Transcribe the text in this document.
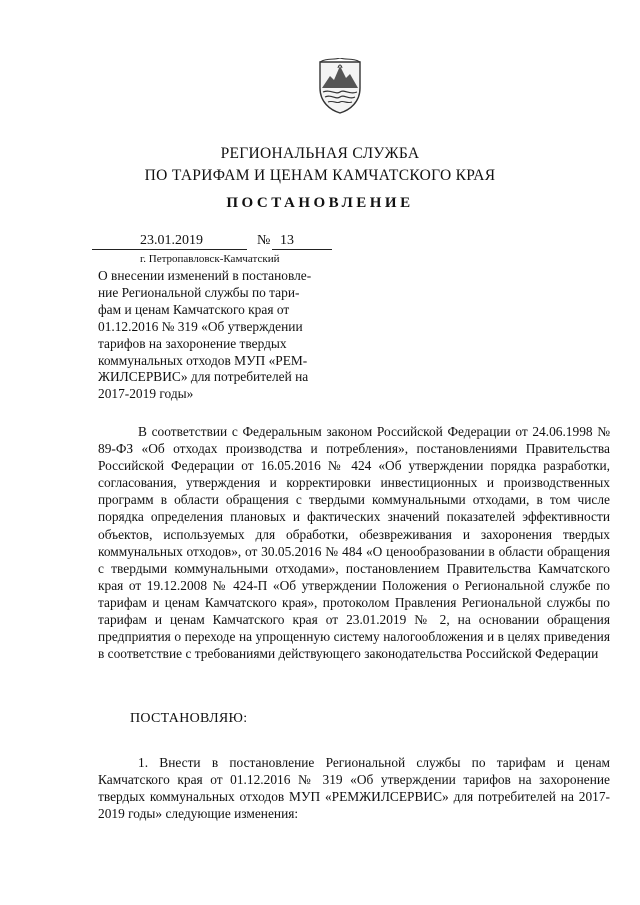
РЕГИОНАЛЬНАЯ СЛУЖБА
ПО ТАРИФАМ И ЦЕНАМ КАМЧАТСКОГО КРАЯ
ПОСТАНОВЛЕНИЕ
23.01.2019	№ 13
г. Петропавловск-Камчатский
О внесении изменений в постановле-
ние Региональной службы по тари-
фам и ценам Камчатского края от
01.12.2016 № 319 «Об утверждении
тарифов на захоронение твердых
коммунальных отходов МУП «РЕМ-
ЖИЛСЕРВИС» для потребителей на
2017-2019 годы»
В соответствии с Федеральным законом Российской Федерации от 24.06.1998 № 89-ФЗ «Об отходах производства и потребления», постановлениями Правительства Российской Федерации от 16.05.2016 № 424 «Об утверждении порядка разработки, согласования, утверждения и корректировки инвестиционных и производственных программ в области обращения с твердыми коммунальными отходами, в том числе порядка определения плановых и фактических значений показателей эффективности объектов, используемых для обработки, обезвреживания и захоронения твердых коммунальных отходов», от 30.05.2016 № 484 «О ценообразовании в области обращения с твердыми коммунальными отходами», постановлением Правительства Камчатского края от 19.12.2008 № 424-П «Об утверждении Положения о Региональной службе по тарифам и ценам Камчатского края», протоколом Правления Региональной службы по тарифам и ценам Камчатского края от 23.01.2019 № 2, на основании обращения предприятия о переходе на упрощенную систему налогообложения и в целях приведения в соответствие с требованиями действующего законодательства Российской Федерации
ПОСТАНОВЛЯЮ:
1. Внести в постановление Региональной службы по тарифам и ценам Камчатского края от 01.12.2016 № 319 «Об утверждении тарифов на захоронение твердых коммунальных отходов МУП «РЕМЖИЛСЕРВИС» для потребителей на 2017-2019 годы» следующие изменения:
